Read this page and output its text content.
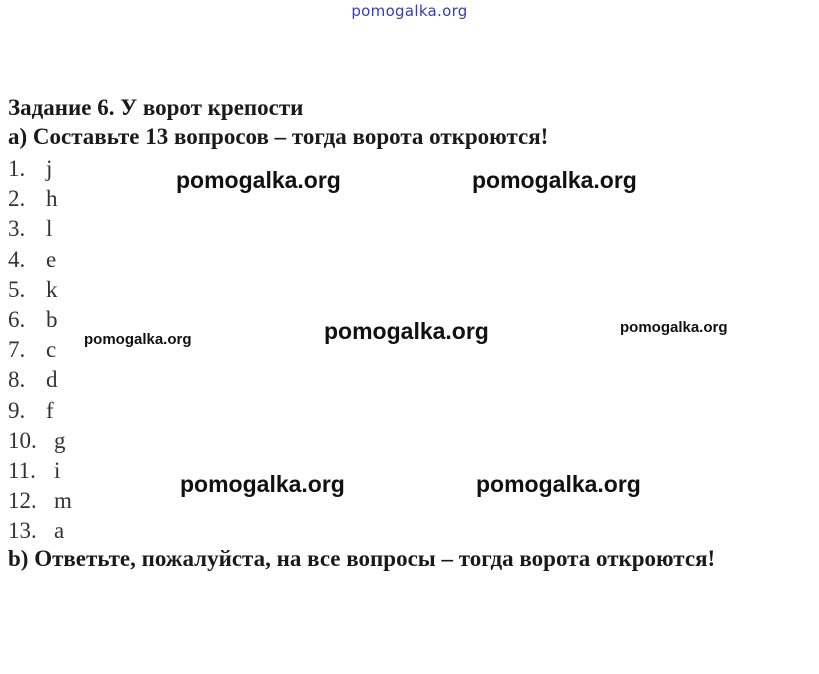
pomogalka.org
Задание 6. У ворот крепости
а) Составьте 13 вопросов – тогда ворота откроются!
1. j
2. h
3. l
4. e
5. k
6. b
7. c
8. d
9. f
10. g
11. i
12. m
13. a
b) Ответьте, пожалуйста, на все вопросы – тогда ворота откроются!
pomogalka.org	pomogalka.org
pomogalka.org	pomogalka.org	pomogalka.org
pomogalka.org	pomogalka.org
